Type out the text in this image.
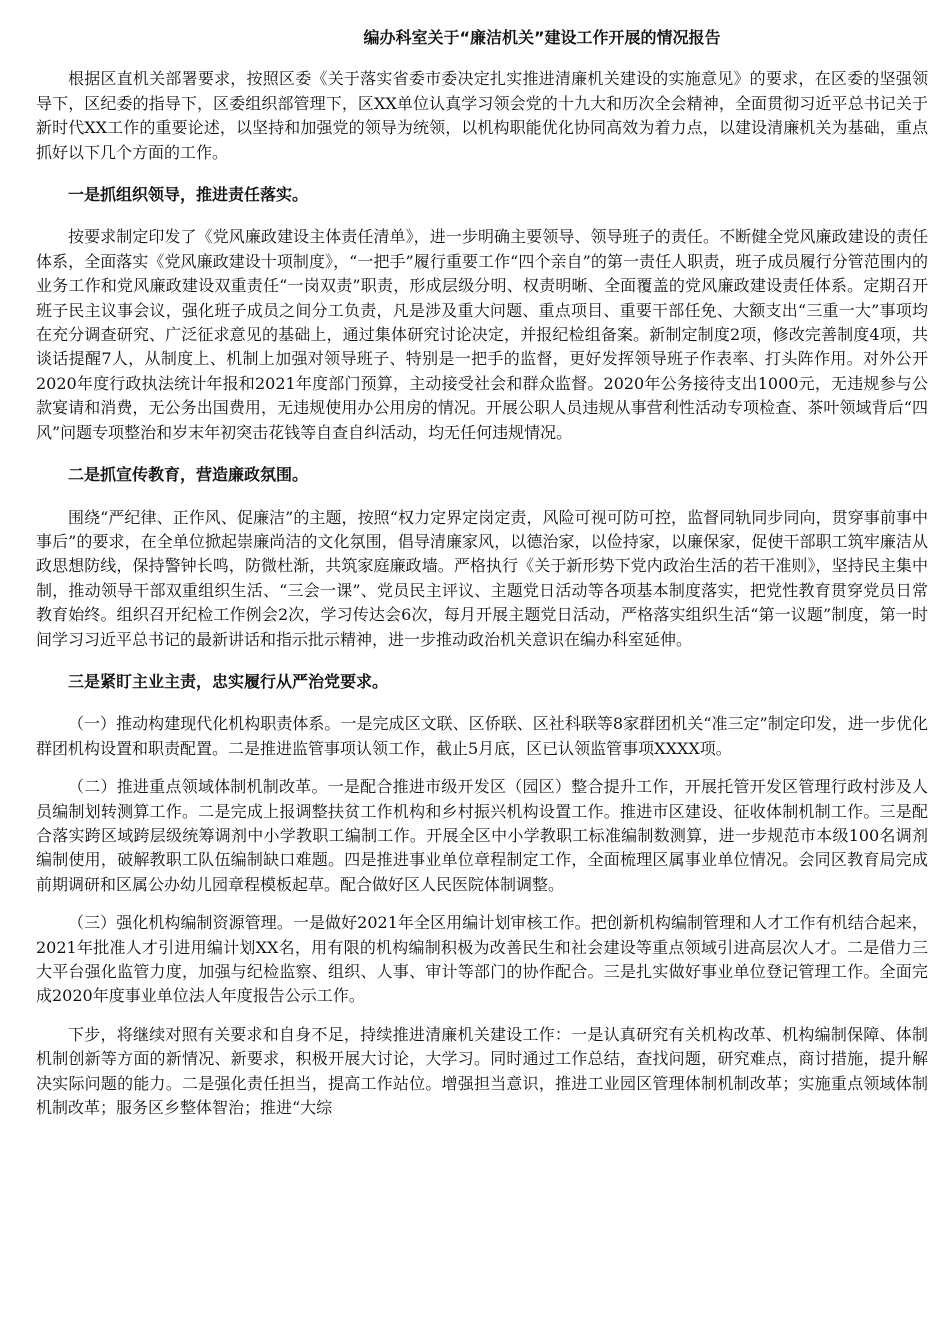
编办科室关于“廉洁机关”建设工作开展的情况报告

根据区直机关部署要求，按照区委《关于落实省委市委决定扎实推进清廉机关建设的实施意见》的要求，在区委的坚强领导下，区纪委的指导下，区委组织部管理下，区XX单位认真学习领会党的十九大和历次全会精神，全面贯彻习近平总书记关于新时代XX工作的重要论述，以坚持和加强党的领导为统领，以机构职能优化协同高效为着力点，以建设清廉机关为基础，重点抓好以下几个方面的工作。

一是抓组织领导，推进责任落实。

按要求制定印发了《党风廉政建设主体责任清单》，进一步明确主要领导、领导班子的责任。不断健全党风廉政建设的责任体系，全面落实《党风廉政建设十项制度》，“一把手”履行重要工作“四个亲自”的第一责任人职责，班子成员履行分管范围内的业务工作和党风廉政建设双重责任“一岗双责”职责，形成层级分明、权责明晰、全面覆盖的党风廉政建设责任体系。定期召开班子民主议事会议，强化班子成员之间分工负责，凡是涉及重大问题、重点项目、重要干部任免、大额支出“三重一大”事项均在充分调查研究、广泛征求意见的基础上，通过集体研究讨论决定，并报纪检组备案。新制定制度2项，修改完善制度4项，共谈话提醒7人，从制度上、机制上加强对领导班子、特别是一把手的监督，更好发挥领导班子作表率、打头阵作用。对外公开2020年度行政执法统计年报和2021年度部门预算，主动接受社会和群众监督。2020年公务接待支出1000元，无违规参与公款宴请和消费，无公务出国费用，无违规使用办公用房的情况。开展公职人员违规从事营利性活动专项检查、茶叶领域背后“四风”问题专项整治和岁末年初突击花钱等自查自纠活动，均无任何违规情况。

二是抓宣传教育，营造廉政氛围。

围绕“严纪律、正作风、促廉洁”的主题，按照“权力定界定岗定责，风险可视可防可控，监督同轨同步同向，贯穿事前事中事后”的要求，在全单位掀起崇廉尚洁的文化氛围，倡导清廉家风，以德治家，以俭持家，以廉保家，促使干部职工筑牢廉洁从政思想防线，保持警钟长鸣，防微杜渐，共筑家庭廉政墙。严格执行《关于新形势下党内政治生活的若干准则》，坚持民主集中制，推动领导干部双重组织生活、“三会一课”、党员民主评议、主题党日活动等各项基本制度落实，把党性教育贯穿党员日常教育始终。组织召开纪检工作例会2次，学习传达会6次，每月开展主题党日活动，严格落实组织生活“第一议题”制度，第一时间学习习近平总书记的最新讲话和指示批示精神，进一步推动政治机关意识在编办科室延伸。

三是紧盯主业主责，忠实履行从严治党要求。

（一）推动构建现代化机构职责体系。一是完成区文联、区侨联、区社科联等8家群团机关“准三定”制定印发，进一步优化群团机构设置和职责配置。二是推进监管事项认领工作，截止5月底，区已认领监管事项XXXX项。

（二）推进重点领域体制机制改革。一是配合推进市级开发区（园区）整合提升工作，开展托管开发区管理行政村涉及人员编制划转测算工作。二是完成上报调整扶贫工作机构和乡村振兴机构设置工作。推进市区建设、征收体制机制工作。三是配合落实跨区域跨层级统筹调剂中小学教职工编制工作。开展全区中小学教职工标准编制数测算，进一步规范市本级100名调剂编制使用，破解教职工队伍编制缺口难题。四是推进事业单位章程制定工作，全面梳理区属事业单位情况。会同区教育局完成前期调研和区属公办幼儿园章程模板起草。配合做好区人民医院体制调整。

（三）强化机构编制资源管理。一是做好2021年全区用编计划审核工作。把创新机构编制管理和人才工作有机结合起来，2021年批准人才引进用编计划XX名，用有限的机构编制积极为改善民生和社会建设等重点领域引进高层次人才。二是借力三大平台强化监管力度，加强与纪检监察、组织、人事、审计等部门的协作配合。三是扎实做好事业单位登记管理工作。全面完成2020年度事业单位法人年度报告公示工作。

下步，将继续对照有关要求和自身不足，持续推进清廉机关建设工作：一是认真研究有关机构改革、机构编制保障、体制机制创新等方面的新情况、新要求，积极开展大讨论，大学习。同时通过工作总结，查找问题，研究难点，商讨措施，提升解决实际问题的能力。二是强化责任担当，提高工作站位。增强担当意识，推进工业园区管理体制机制改革；实施重点领域体制机制改革；服务区乡整体智治；推进“大综
